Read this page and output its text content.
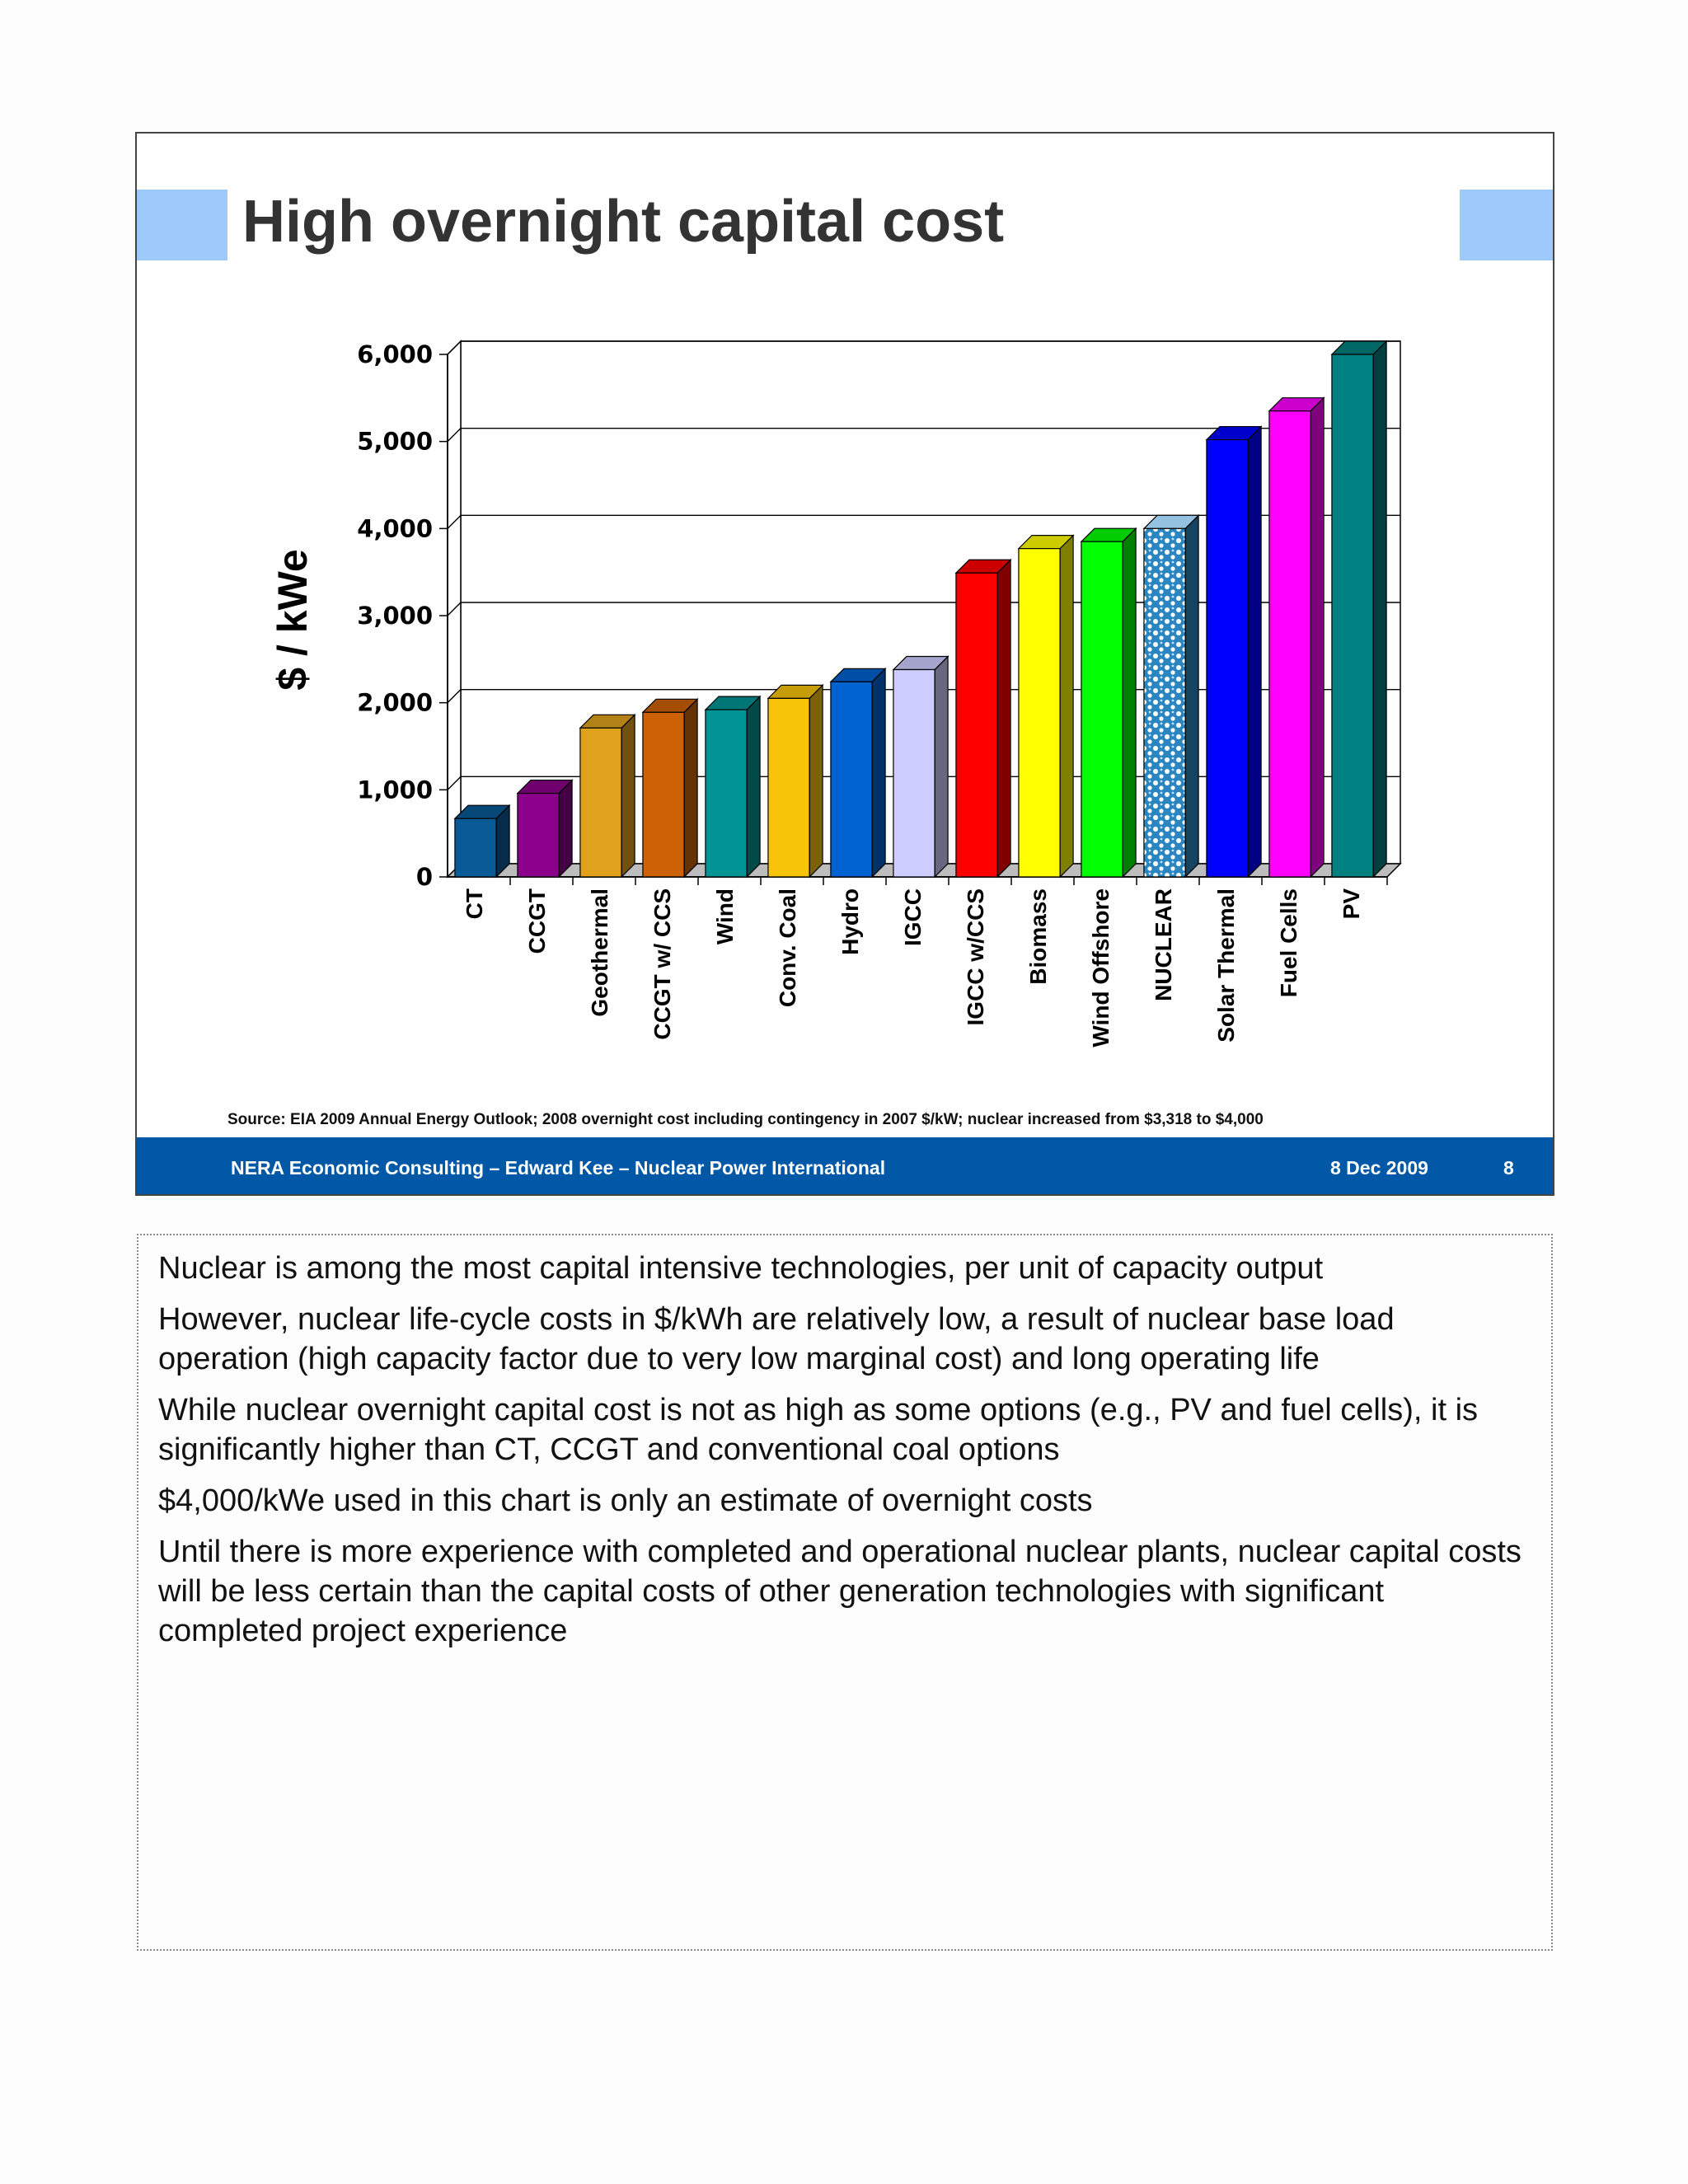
High overnight capital cost
0
1,000
2,000
3,000
4,000
5,000
6,000
CT CCGT Geothermal CCGT w/ CCS Wind Conv. Coal Hydro IGCC IGCC w/CCS Biomass Wind Offshore NUCLEAR Solar Thermal Fuel Cells PV
$ / kWe
Source: EIA 2009 Annual Energy Outlook; 2008 overnight cost including contingency in 2007 $/kW; nuclear increased from $3,318 to $4,000
NERA Economic Consulting – Edward Kee – Nuclear Power International	8 Dec 2009	8

Nuclear is among the most capital intensive technologies, per unit of capacity output

However, nuclear life-cycle costs in $/kWh are relatively low, a result of nuclear base load operation (high capacity factor due to very low marginal cost) and long operating life

While nuclear overnight capital cost is not as high as some options (e.g., PV and fuel cells), it is significantly higher than CT, CCGT and conventional coal options

$4,000/kWe used in this chart is only an estimate of overnight costs

Until there is more experience with completed and operational nuclear plants, nuclear capital costs will be less certain than the capital costs of other generation technologies with significant completed project experience
